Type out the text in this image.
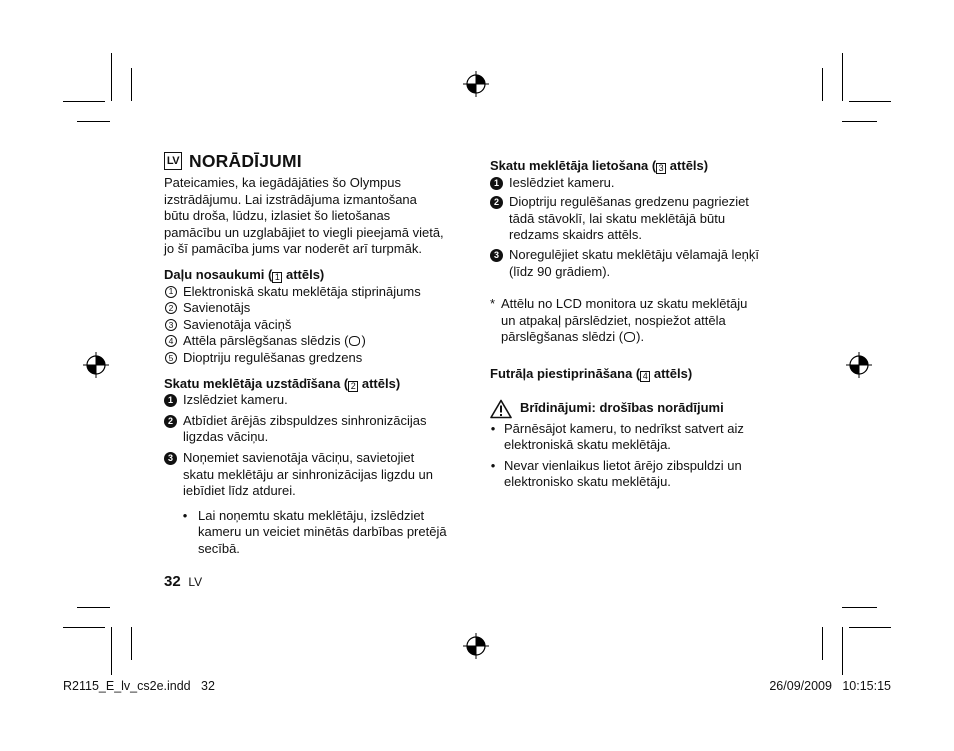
LV NORĀDĪJUMI

Pateicamies, ka iegādājāties šo Olympus

izstrādājumu. Lai izstrādājuma izmantošana

būtu droša, lūdzu, izlasiet šo lietošanas

pamācību un uzglabājiet to viegli pieejamā vietā,

jo šī pamācība jums var noderēt arī turpmāk.

Daļu nosaukumi ( 1 attēls)

1 Elektroniskā skatu meklētāja stiprinājums
2 Savienotājs
3 Savienotāja vāciņš
4 Attēla pārslēgšanas slēdzis ( )
5 Dioptriju regulēšanas gredzens

Skatu meklētāja uzstādīšana ( 2 attēls)

1 Izslēdziet kameru.

2 Atbīdiet ārējās zibspuldzes sinhronizācijas

ligzdas vāciņu.

3 Noņemiet savienotāja vāciņu, savietojiet

skatu meklētāju ar sinhronizācijas ligzdu un

iebīdiet līdz atdurei.

• Lai noņemtu skatu meklētāju, izslēdziet

kameru un veiciet minētās darbības pretējā

secībā.

32 LV

Skatu meklētāja lietošana ( 3 attēls)

1 Ieslēdziet kameru.

2 Dioptriju regulēšanas gredzenu pagrieziet

tādā stāvoklī, lai skatu meklētājā būtu

redzams skaidrs attēls.

3 Noregulējiet skatu meklētāju vēlamajā leņķī

(līdz 90 grādiem).

* Attēlu no LCD monitora uz skatu meklētāju

un atpakaļ pārslēdziet, nospiežot attēla

pārslēgšanas slēdzi ( ).

Futrāļa piestiprināšana ( 4 attēls)

Brīdinājumi: drošības norādījumi
• Pārnēsājot kameru, to nedrīkst satvert aiz

elektroniskā skatu meklētāja.

• Nevar vienlaikus lietot ārējo zibspuldzi un

elektronisko skatu meklētāju.

R2115_E_lv_cs2e.indd   32	26/09/2009   10:15:15
